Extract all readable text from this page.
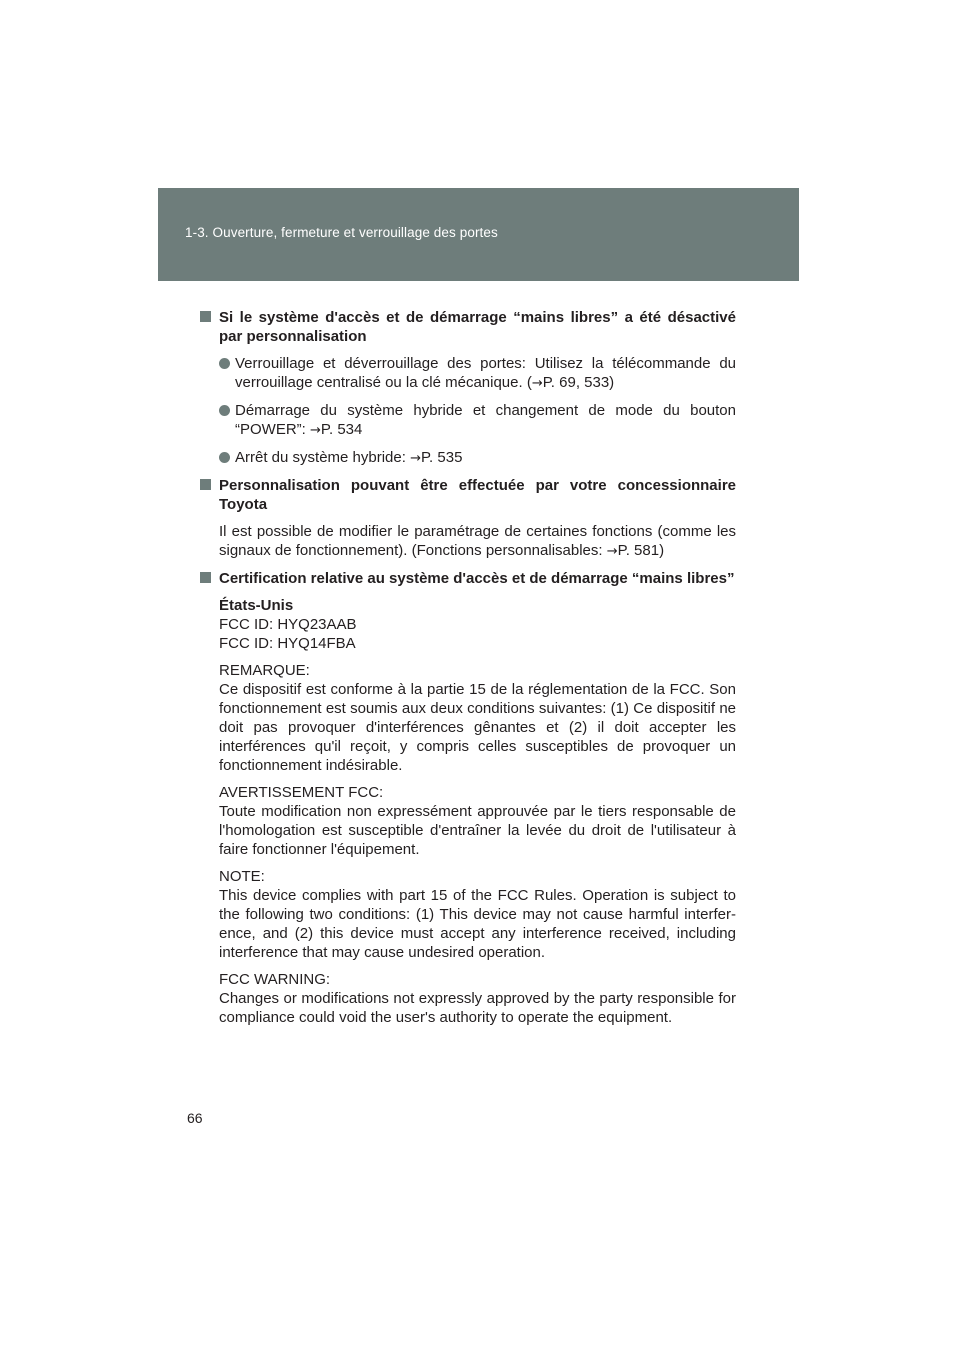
1-3. Ouverture, fermeture et verrouillage des portes
Si le système d'accès et de démarrage “mains libres” a été désactivé par personnalisation
Verrouillage et déverrouillage des portes: Utilisez la télécommande du verrouillage centralisé ou la clé mécanique. (→P. 69, 533)
Démarrage du système hybride et changement de mode du bouton “POWER”: →P. 534
Arrêt du système hybride: →P. 535
Personnalisation pouvant être effectuée par votre concessionnaire Toyota
Il est possible de modifier le paramétrage de certaines fonctions (comme les signaux de fonctionnement). (Fonctions personnalisables: →P. 581)
Certification relative au système d'accès et de démarrage “mains libres”
États-Unis
FCC ID: HYQ23AAB
FCC ID: HYQ14FBA
REMARQUE:
Ce dispositif est conforme à la partie 15 de la réglementation de la FCC. Son fonctionnement est soumis aux deux conditions suivantes: (1) Ce dispositif ne doit pas provoquer d'interférences gênantes et (2) il doit accepter les interférences qu'il reçoit, y compris celles susceptibles de provoquer un fonctionnement indésirable.
AVERTISSEMENT FCC:
Toute modification non expressément approuvée par le tiers responsable de l'homologation est susceptible d'entraîner la levée du droit de l'utilisateur à faire fonctionner l'équipement.
NOTE:
This device complies with part 15 of the FCC Rules. Operation is subject to the following two conditions: (1) This device may not cause harmful interfer-ence, and (2) this device must accept any interference received, including interference that may cause undesired operation.
FCC WARNING:
Changes or modifications not expressly approved by the party responsible for compliance could void the user's authority to operate the equipment.
66
